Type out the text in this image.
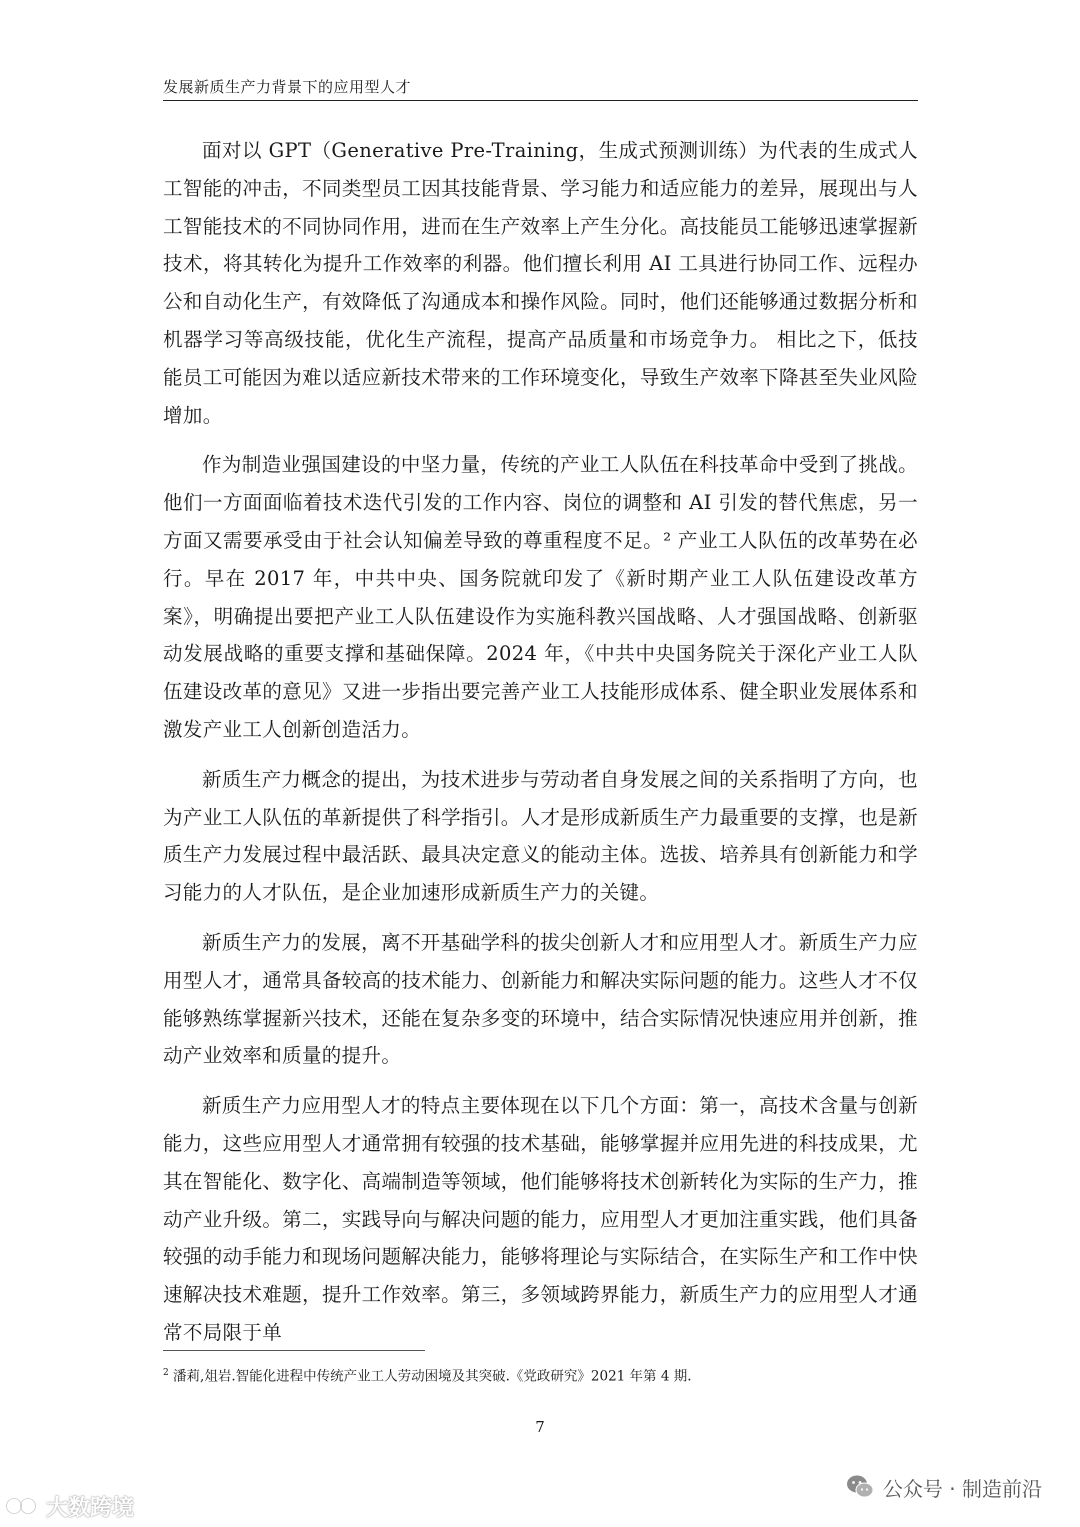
发展新质生产力背景下的应用型人才

面对以 GPT（Generative Pre-Training，生成式预测训练）为代表的生成式人工智能的冲击，不同类型员工因其技能背景、学习能力和适应能力的差异，展现出与人工智能技术的不同协同作用，进而在生产效率上产生分化。高技能员工能够迅速掌握新技术，将其转化为提升工作效率的利器。他们擅长利用 AI 工具进行协同工作、远程办公和自动化生产，有效降低了沟通成本和操作风险。同时，他们还能够通过数据分析和机器学习等高级技能，优化生产流程，提高产品质量和市场竞争力。 相比之下，低技能员工可能因为难以适应新技术带来的工作环境变化，导致生产效率下降甚至失业风险增加。

作为制造业强国建设的中坚力量，传统的产业工人队伍在科技革命中受到了挑战。他们一方面面临着技术迭代引发的工作内容、岗位的调整和 AI 引发的替代焦虑，另一方面又需要承受由于社会认知偏差导致的尊重程度不足。² 产业工人队伍的改革势在必行。早在 2017 年，中共中央、国务院就印发了《新时期产业工人队伍建设改革方案》，明确提出要把产业工人队伍建设作为实施科教兴国战略、人才强国战略、创新驱动发展战略的重要支撑和基础保障。2024 年，《中共中央国务院关于深化产业工人队伍建设改革的意见》又进一步指出要完善产业工人技能形成体系、健全职业发展体系和激发产业工人创新创造活力。

新质生产力概念的提出，为技术进步与劳动者自身发展之间的关系指明了方向，也为产业工人队伍的革新提供了科学指引。人才是形成新质生产力最重要的支撑，也是新质生产力发展过程中最活跃、最具决定意义的能动主体。选拔、培养具有创新能力和学习能力的人才队伍，是企业加速形成新质生产力的关键。

新质生产力的发展，离不开基础学科的拔尖创新人才和应用型人才。新质生产力应用型人才，通常具备较高的技术能力、创新能力和解决实际问题的能力。这些人才不仅能够熟练掌握新兴技术，还能在复杂多变的环境中，结合实际情况快速应用并创新，推动产业效率和质量的提升。

新质生产力应用型人才的特点主要体现在以下几个方面：第一，高技术含量与创新能力，这些应用型人才通常拥有较强的技术基础，能够掌握并应用先进的科技成果，尤其在智能化、数字化、高端制造等领域，他们能够将技术创新转化为实际的生产力，推动产业升级。第二，实践导向与解决问题的能力，应用型人才更加注重实践，他们具备较强的动手能力和现场问题解决能力，能够将理论与实际结合，在实际生产和工作中快速解决技术难题，提升工作效率。第三，多领域跨界能力，新质生产力的应用型人才通常不局限于单

$^2$ 潘莉,俎岩.智能化进程中传统产业工人劳动困境及其突破.《党政研究》2021 年第 4 期.
7
公众号 · 制造前沿
大数跨境
